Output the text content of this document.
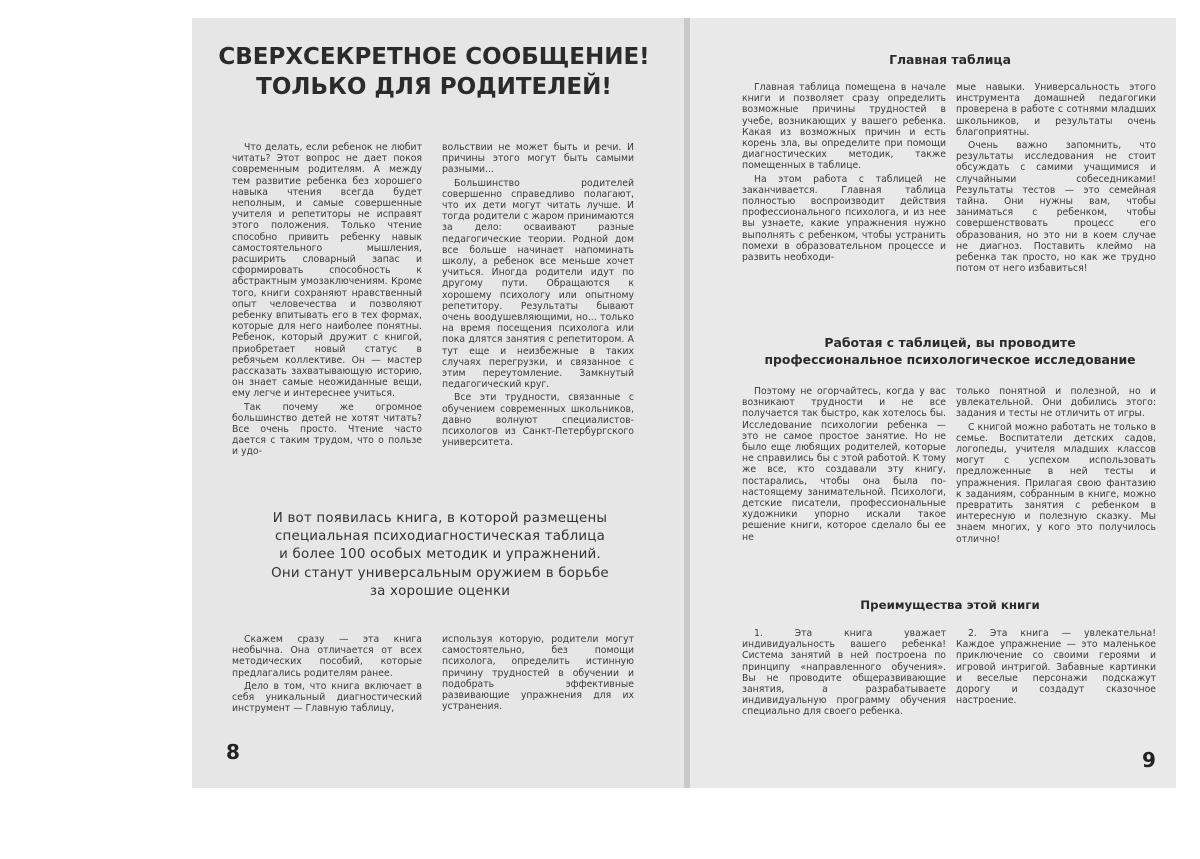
СВЕРХСЕКРЕТНОЕ СООБЩЕНИЕ!
ТОЛЬКО ДЛЯ РОДИТЕЛЕЙ!

Что делать, если ребенок не любит читать? Этот вопрос не дает покоя современным родителям. А между тем развитие ребенка без хорошего навыка чтения всегда будет неполным, и самые совершенные учителя и репетиторы не исправят этого положения. Только чтение способно привить ребенку навык самостоятельного мышления, расширить словарный запас и сформировать способность к абстрактным умозаключениям. Кроме того, книги сохраняют нравственный опыт человечества и позволяют ребенку впитывать его в тех формах, которые для него наиболее понятны. Ребенок, который дружит с книгой, приобретает новый статус в ребячьем коллективе. Он — мастер рассказать захватывающую историю, он знает самые неожиданные вещи, ему легче и интереснее учиться.

Так почему же огромное большинство детей не хотят читать? Все очень просто. Чтение часто дается с таким трудом, что о пользе и удо-

вольствии не может быть и речи. И причины этого могут быть самыми разными...

Большинство родителей совершенно справедливо полагают, что их дети могут читать лучше. И тогда родители с жаром принимаются за дело: осваивают разные педагогические теории. Родной дом все больше начинает напоминать школу, а ребенок все меньше хочет учиться. Иногда родители идут по другому пути. Обращаются к хорошему психологу или опытному репетитору. Результаты бывают очень воодушевляющими, но... только на время посещения психолога или пока длятся занятия с репетитором. А тут еще и неизбежные в таких случаях перегрузки, и связанное с этим переутомление. Замкнутый педагогический круг.

Все эти трудности, связанные с обучением современных школьников, давно волнуют специалистов-психологов из Санкт-Петербургского университета.

И вот появилась книга, в которой размещены
специальная психодиагностическая таблица
и более 100 особых методик и упражнений.
Они станут универсальным оружием в борьбе
за хорошие оценки

Скажем сразу — эта книга необычна. Она отличается от всех методических пособий, которые предлагались родителям ранее.

Дело в том, что книга включает в себя уникальный диагностический инструмент — Главную таблицу,

используя которую, родители могут самостоятельно, без помощи психолога, определить истинную причину трудностей в обучении и подобрать эффективные развивающие упражнения для их устранения.

8
Главная таблица

Главная таблица помещена в начале книги и позволяет сразу определить возможные причины трудностей в учебе, возникающих у вашего ребенка. Какая из возможных причин и есть корень зла, вы определите при помощи диагностических методик, также помещенных в таблице.

На этом работа с таблицей не заканчивается. Главная таблица полностью воспроизводит действия профессионального психолога, и из нее вы узнаете, какие упражнения нужно выполнять с ребенком, чтобы устранить помехи в образовательном процессе и развить необходи-

мые навыки. Универсальность этого инструмента домашней педагогики проверена в работе с сотнями младших школьников, и результаты очень благоприятны.

Очень важно запомнить, что результаты исследования не стоит обсуждать с самими учащимися и случайными собеседниками! Результаты тестов — это семейная тайна. Они нужны вам, чтобы заниматься с ребенком, чтобы совершенствовать процесс его образования, но это ни в коем случае не диагноз. Поставить клеймо на ребенка так просто, но как же трудно потом от него избавиться!

Работая с таблицей, вы проводите
профессиональное психологическое исследование

Поэтому не огорчайтесь, когда у вас возникают трудности и не все получается так быстро, как хотелось бы. Исследование психологии ребенка — это не самое простое занятие. Но не было еще любящих родителей, которые не справились бы с этой работой. К тому же все, кто создавали эту книгу, постарались, чтобы она была по-настоящему занимательной. Психологи, детские писатели, профессиональные художники упорно искали такое решение книги, которое сделало бы ее не

только понятной и полезной, но и увлекательной. Они добились этого: задания и тесты не отличить от игры.

С книгой можно работать не только в семье. Воспитатели детских садов, логопеды, учителя младших классов могут с успехом использовать предложенные в ней тесты и упражнения. Прилагая свою фантазию к заданиям, собранным в книге, можно превратить занятия с ребенком в интересную и полезную сказку. Мы знаем многих, у кого это получилось отлично!

Преимущества этой книги

1. Эта книга уважает индивидуальность вашего ребенка! Система занятий в ней построена по принципу «направленного обучения». Вы не проводите общеразвивающие занятия, а разрабатываете индивидуальную программу обучения специально для своего ребенка.

2. Эта книга — увлекательна! Каждое упражнение — это маленькое приключение со своими героями и игровой интригой. Забавные картинки и веселые персонажи подскажут дорогу и создадут сказочное настроение.

9
